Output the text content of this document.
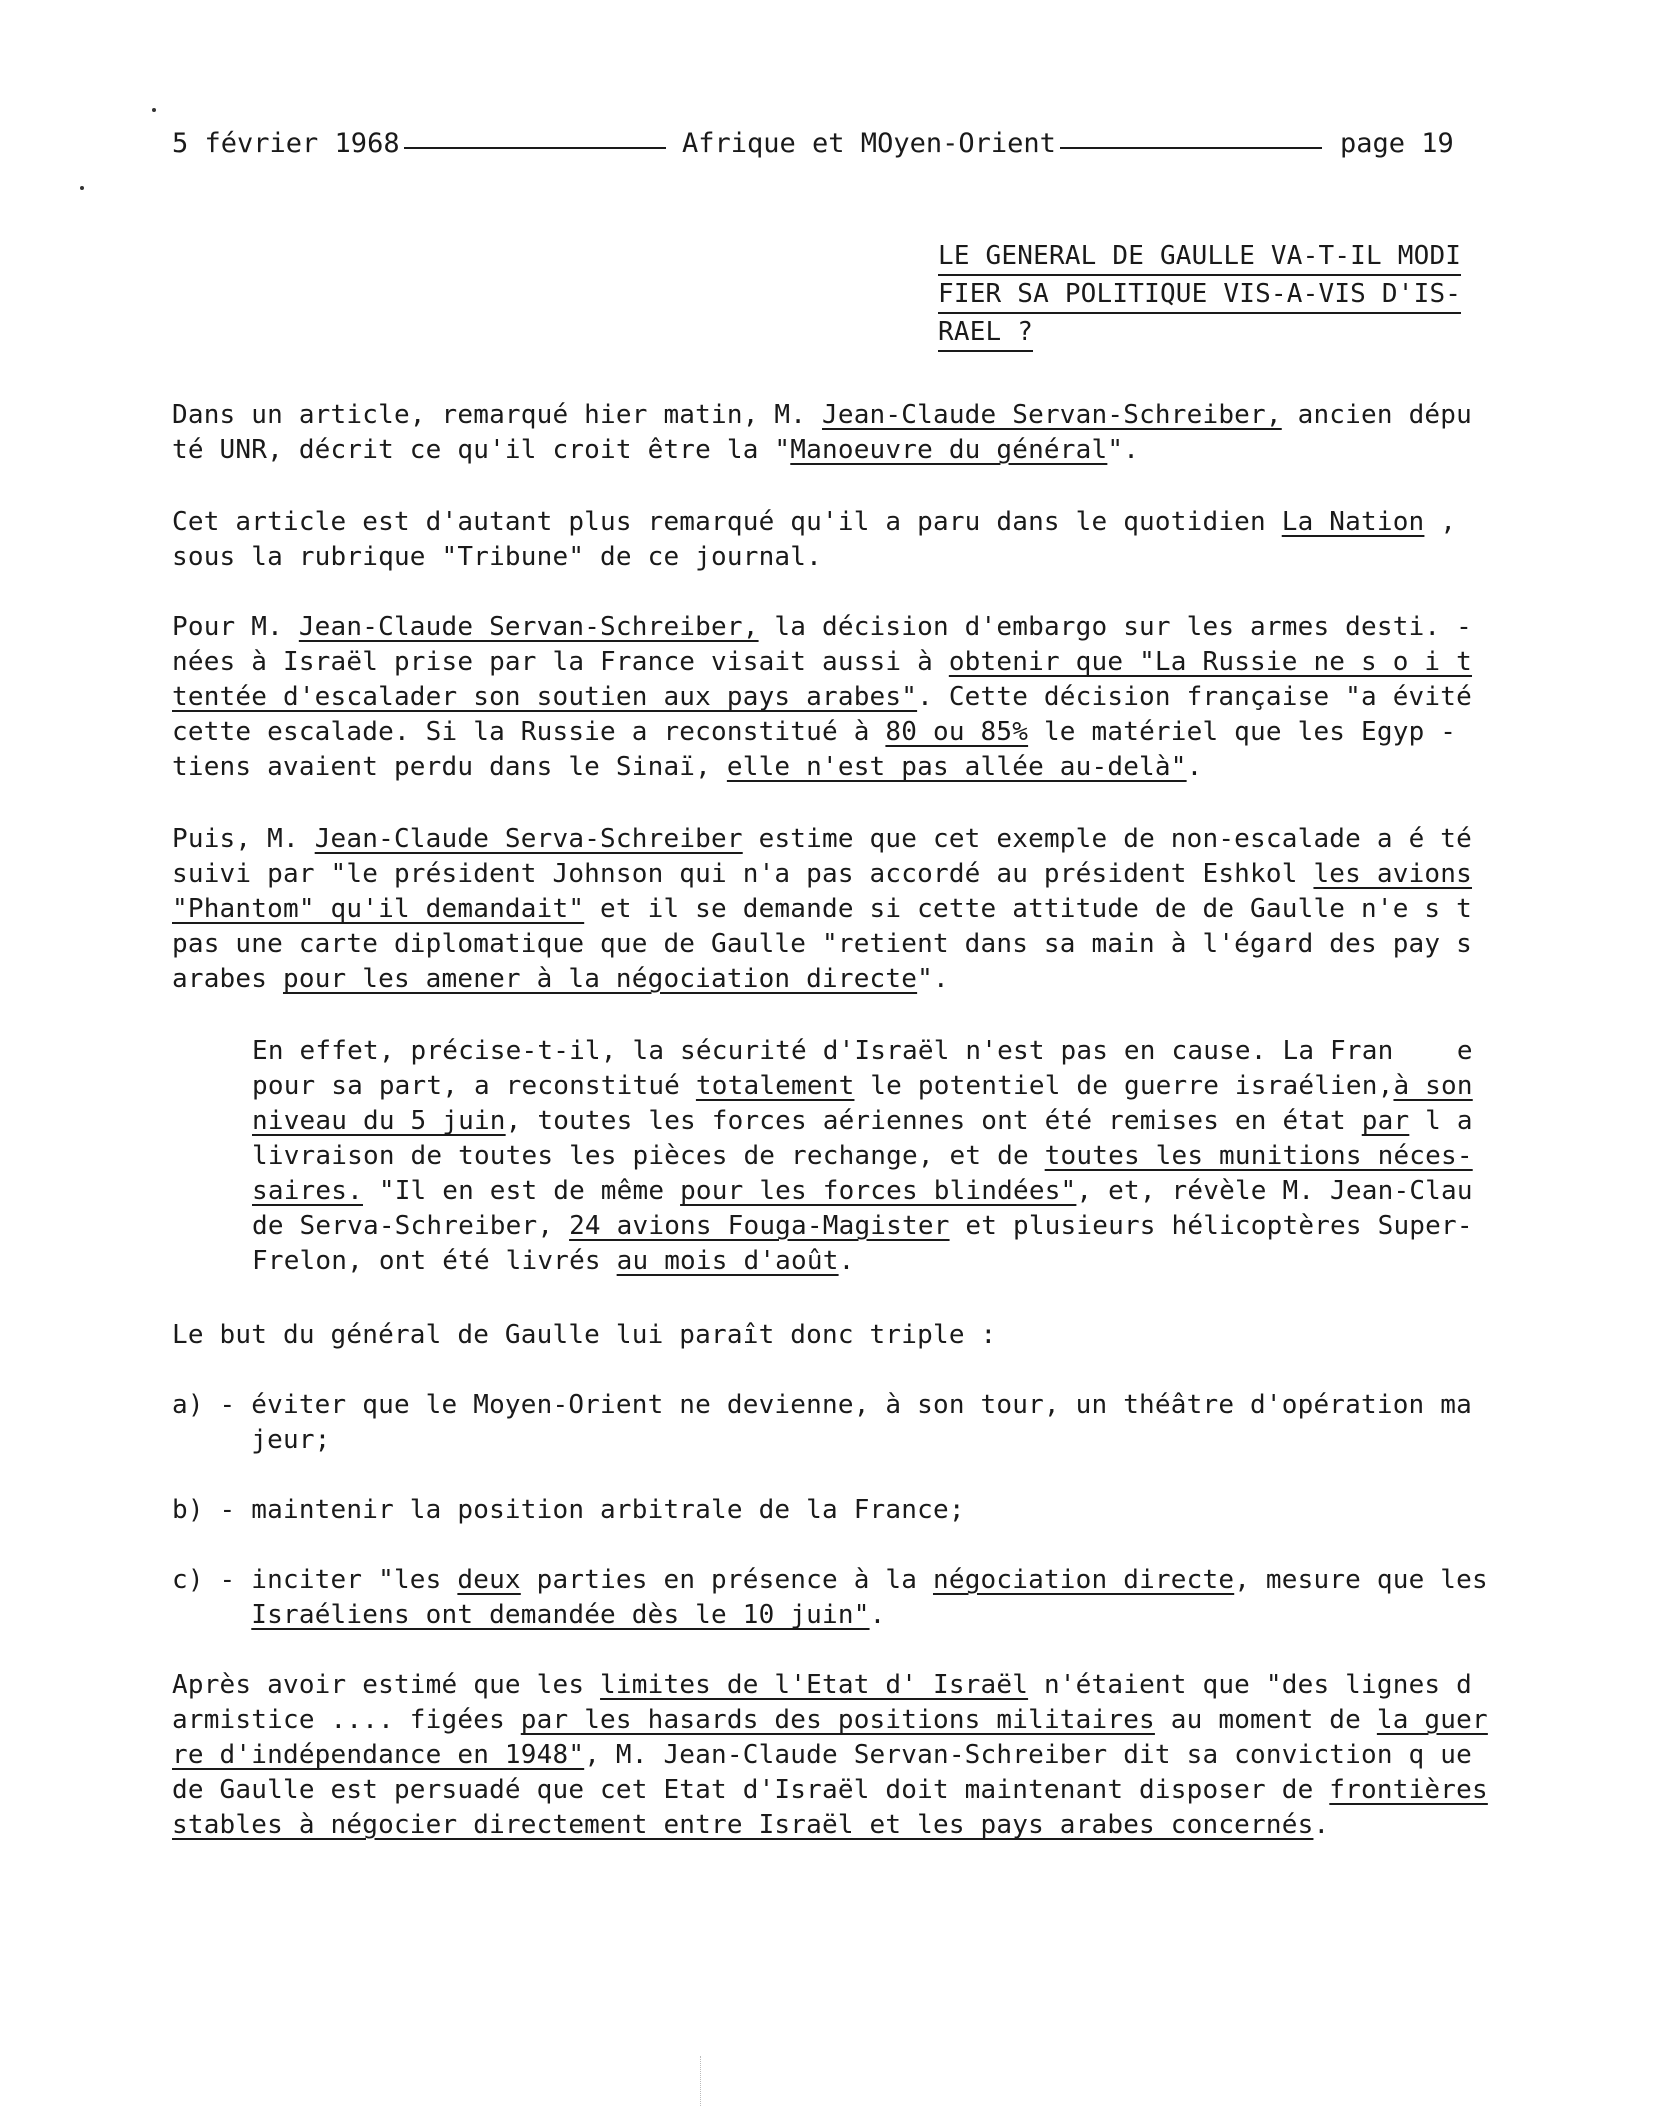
5 février 1968	Afrique et MOyen-Orient	page 19
LE GENERAL DE GAULLE VA-T-IL MODI
FIER SA POLITIQUE VIS-A-VIS D'IS-
RAEL ?
Dans un article, remarqué hier matin, M. Jean-Claude Servan-Schreiber, ancien dépu
té UNR, décrit ce qu'il croit être la "Manoeuvre du général".
Cet article est d'autant plus remarqué qu'il a paru dans le quotidien La Nation ,
sous la rubrique "Tribune" de ce journal.
Pour M. Jean-Claude Servan-Schreiber, la décision d'embargo sur les armes desti. -
nées à Israël prise par la France visait aussi à obtenir que "La Russie ne s o i t
tentée d'escalader son soutien aux pays arabes". Cette décision française "a évité
cette escalade. Si la Russie a reconstitué à 80 ou 85% le matériel que les Egyp -
tiens avaient perdu dans le Sinaï, elle n'est pas allée au-delà".
Puis, M. Jean-Claude Serva-Schreiber estime que cet exemple de non-escalade a é té
suivi par "le président Johnson qui n'a pas accordé au président Eshkol les avions
"Phantom" qu'il demandait" et il se demande si cette attitude de de Gaulle n'e s t
pas une carte diplomatique que de Gaulle "retient dans sa main à l'égard des pay s
arabes pour les amener à la négociation directe".
En effet, précise-t-il, la sécurité d'Israël n'est pas en cause. La Fran    e
pour sa part, a reconstitué totalement le potentiel de guerre israélien,à son
niveau du 5 juin, toutes les forces aériennes ont été remises en état par l a
livraison de toutes les pièces de rechange, et de toutes les munitions néces-
saires. "Il en est de même pour les forces blindées", et, révèle M. Jean-Clau
de Serva-Schreiber, 24 avions Fouga-Magister et plusieurs hélicoptères Super-
Frelon, ont été livrés au mois d'août.
Le but du général de Gaulle lui paraît donc triple :
a) - éviter que le Moyen-Orient ne devienne, à son tour, un théâtre d'opération ma
jeur;
b) - maintenir la position arbitrale de la France;
c) - inciter "les deux parties en présence à la négociation directe, mesure que les
Israéliens ont demandée dès le 10 juin".
Après avoir estimé que les limites de l'Etat d' Israël n'étaient que "des lignes d
armistice .... figées par les hasards des positions militaires au moment de la guer
re d'indépendance en 1948", M. Jean-Claude Servan-Schreiber dit sa conviction q ue
de Gaulle est persuadé que cet Etat d'Israël doit maintenant disposer de frontières
stables à négocier directement entre Israël et les pays arabes concernés.
